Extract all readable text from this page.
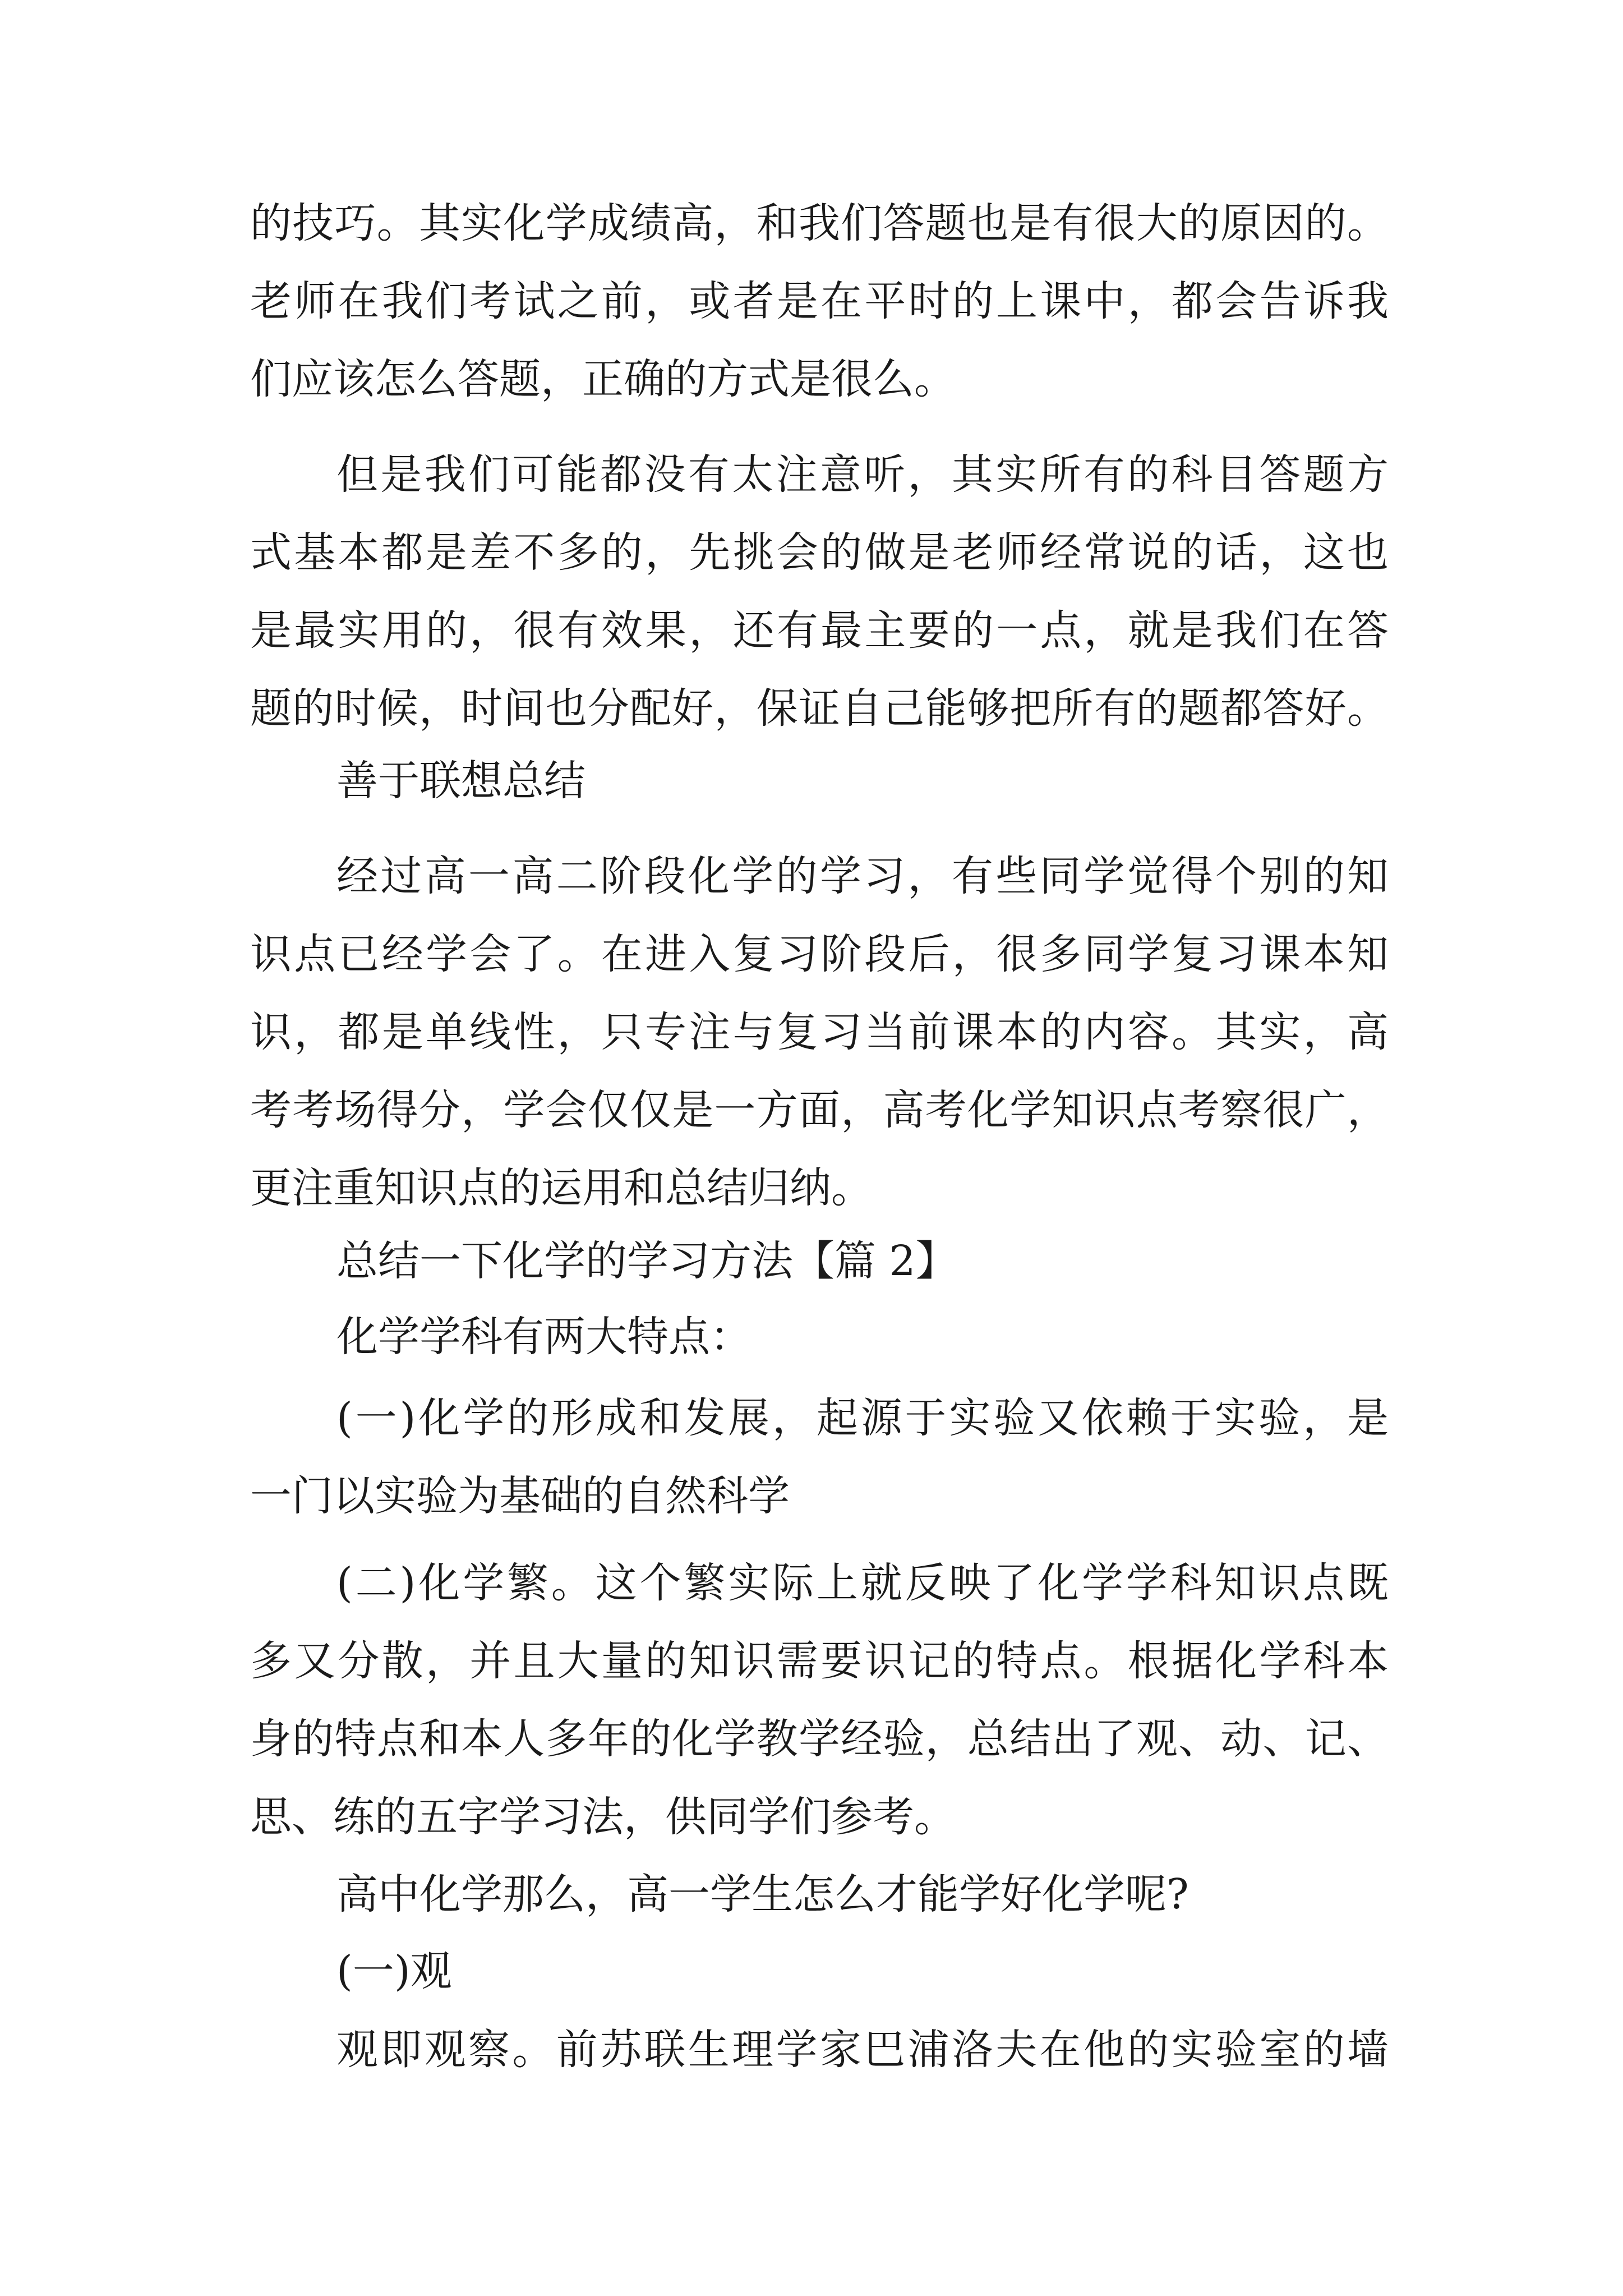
的技巧。其实化学成绩高，和我们答题也是有很大的原因的。
老师在我们考试之前，或者是在平时的上课中，都会告诉我
们应该怎么答题，正确的方式是很么。
但是我们可能都没有太注意听，其实所有的科目答题方
式基本都是差不多的，先挑会的做是老师经常说的话，这也
是最实用的，很有效果，还有最主要的一点，就是我们在答
题的时候，时间也分配好，保证自己能够把所有的题都答好。
善于联想总结
经过高一高二阶段化学的学习，有些同学觉得个别的知
识点已经学会了。在进入复习阶段后，很多同学复习课本知
识，都是单线性，只专注与复习当前课本的内容。其实，高
考考场得分，学会仅仅是一方面，高考化学知识点考察很广，
更注重知识点的运用和总结归纳。
总结一下化学的学习方法【篇 2】
化学学科有两大特点：
(一)化学的形成和发展，起源于实验又依赖于实验，是
一门以实验为基础的自然科学
(二)化学繁。这个繁实际上就反映了化学学科知识点既
多又分散，并且大量的知识需要识记的特点。根据化学科本
身的特点和本人多年的化学教学经验，总结出了观、动、记、
思、练的五字学习法，供同学们参考。
高中化学那么，高一学生怎么才能学好化学呢?
(一)观
观即观察。前苏联生理学家巴浦洛夫在他的实验室的墙
